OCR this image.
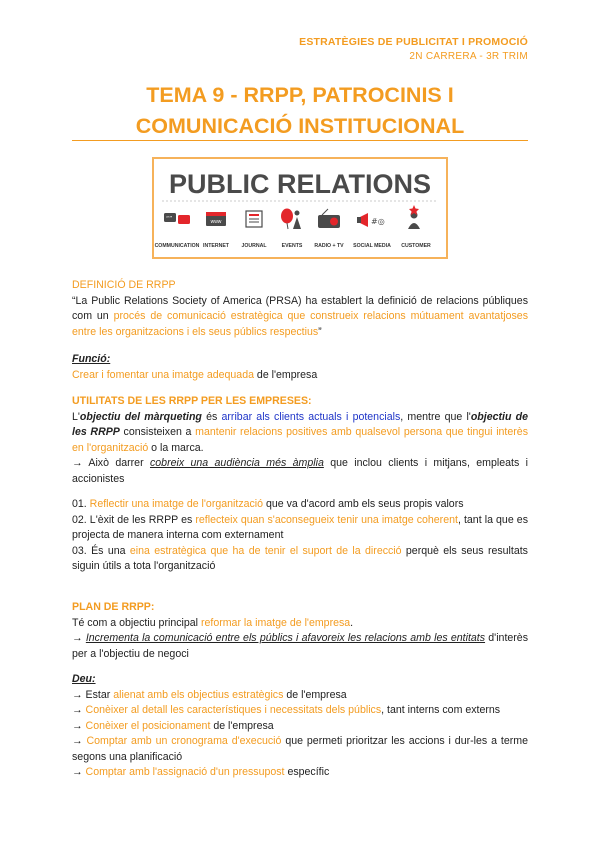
ESTRATÈGIES DE PUBLICITAT I PROMOCIÓ
2N CARRERA - 3R TRIM
TEMA 9 - RRPP, PATROCINIS I
COMUNICACIÓ INSTITUCIONAL
PUBLIC RELATIONS
“”	www	#◎
COMMUNICATION INTERNET JOURNAL	EVENTS RADIO + TV SOCIAL MEDIA CUSTOMER
DEFINICIÓ DE RRPP
“La Public Relations Society of America (PRSA) ha establert la definició de relacions públiques com un procés de comunicació estratègica que construeix relacions mútuament avantatjoses entre les organitzacions i els seus públics respectius”
Funció:
Crear i fomentar una imatge adequada de l'empresa
UTILITATS DE LES RRPP PER LES EMPRESES:
L'objectiu del màrqueting és arribar als clients actuals i potencials, mentre que l'objectiu de les RRPP consisteixen a mantenir relacions positives amb qualsevol persona que tingui interès en l'organització o la marca.
→ Això darrer cobreix una audiència més àmplia que inclou clients i mitjans, empleats i accionistes
01. Reflectir una imatge de l'organització que va d'acord amb els seus propis valors
02. L'èxit de les RRPP es reflecteix quan s'aconsegueix tenir una imatge coherent, tant la que es projecta de manera interna com externament
03. És una eina estratègica que ha de tenir el suport de la direcció perquè els seus resultats siguin útils a tota l'organització
PLAN DE RRPP:
Té com a objectiu principal reformar la imatge de l'empresa.
→ Incrementa la comunicació entre els públics i afavoreix les relacions amb les entitats d'interès per a l'objectiu de negoci
Deu:
→ Estar alienat amb els objectius estratègics de l'empresa
→ Conèixer al detall les característiques i necessitats dels públics, tant interns com externs
→ Conèixer el posicionament de l'empresa
→ Comptar amb un cronograma d'execució que permeti prioritzar les accions i dur-les a terme segons una planificació
→ Comptar amb l'assignació d'un pressupost específic
